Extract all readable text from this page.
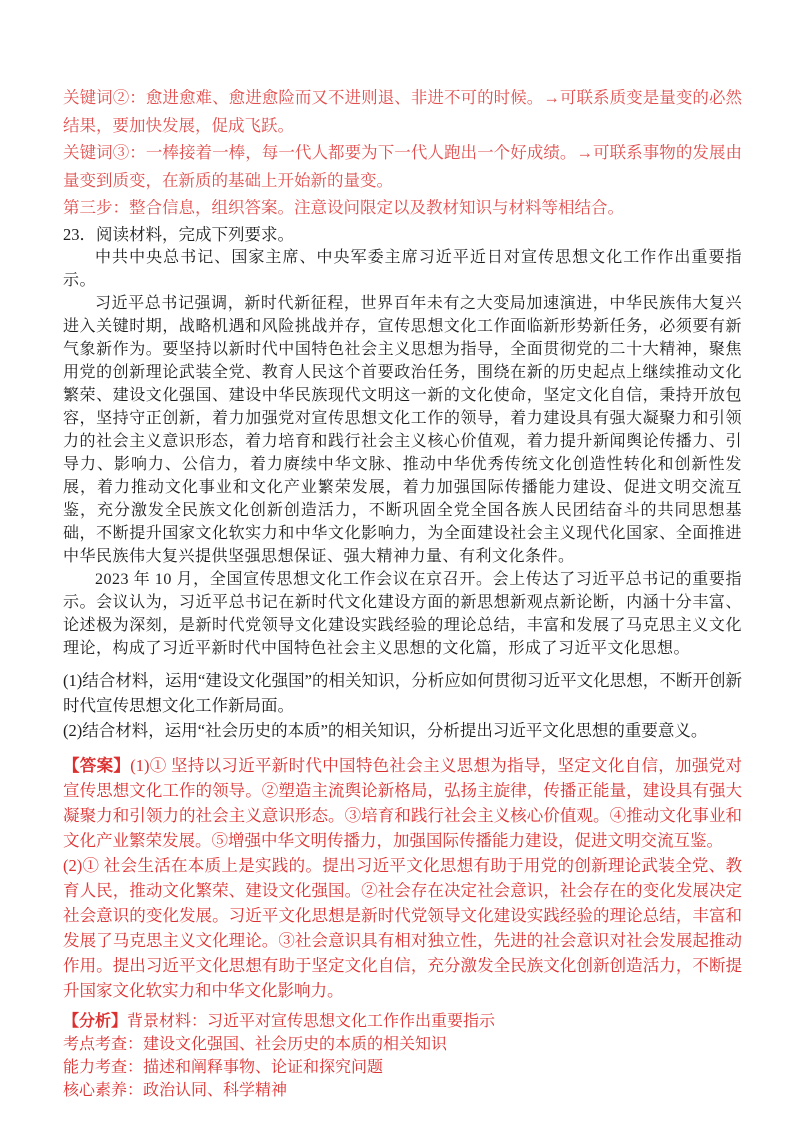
关键词②：愈进愈难、愈进愈险而又不进则退、非进不可的时候。→可联系质变是量变的必然结果，要加快发展，促成飞跃。

关键词③：一棒接着一棒，每一代人都要为下一代人跑出一个好成绩。→可联系事物的发展由量变到质变，在新质的基础上开始新的量变。

第三步：整合信息，组织答案。注意设问限定以及教材知识与材料等相结合。

23．阅读材料，完成下列要求。

中共中央总书记、国家主席、中央军委主席习近平近日对宣传思想文化工作作出重要指示。

习近平总书记强调，新时代新征程，世界百年未有之大变局加速演进，中华民族伟大复兴进入关键时期，战略机遇和风险挑战并存，宣传思想文化工作面临新形势新任务，必须要有新气象新作为。要坚持以新时代中国特色社会主义思想为指导，全面贯彻党的二十大精神，聚焦用党的创新理论武装全党、教育人民这个首要政治任务，围绕在新的历史起点上继续推动文化繁荣、建设文化强国、建设中华民族现代文明这一新的文化使命，坚定文化自信，秉持开放包容，坚持守正创新，着力加强党对宣传思想文化工作的领导，着力建设具有强大凝聚力和引领力的社会主义意识形态，着力培育和践行社会主义核心价值观，着力提升新闻舆论传播力、引导力、影响力、公信力，着力赓续中华文脉、推动中华优秀传统文化创造性转化和创新性发展，着力推动文化事业和文化产业繁荣发展，着力加强国际传播能力建设、促进文明交流互鉴，充分激发全民族文化创新创造活力，不断巩固全党全国各族人民团结奋斗的共同思想基础，不断提升国家文化软实力和中华文化影响力，为全面建设社会主义现代化国家、全面推进中华民族伟大复兴提供坚强思想保证、强大精神力量、有利文化条件。

2023 年 10 月，全国宣传思想文化工作会议在京召开。会上传达了习近平总书记的重要指示。会议认为，习近平总书记在新时代文化建设方面的新思想新观点新论断，内涵十分丰富、论述极为深刻，是新时代党领导文化建设实践经验的理论总结，丰富和发展了马克思主义文化理论，构成了习近平新时代中国特色社会主义思想的文化篇，形成了习近平文化思想。

(1)结合材料，运用“建设文化强国”的相关知识，分析应如何贯彻习近平文化思想，不断开创新时代宣传思想文化工作新局面。

(2)结合材料，运用“社会历史的本质”的相关知识，分析提出习近平文化思想的重要意义。

【答案】(1)① 坚持以习近平新时代中国特色社会主义思想为指导，坚定文化自信，加强党对宣传思想文化工作的领导。②塑造主流舆论新格局，弘扬主旋律，传播正能量，建设具有强大凝聚力和引领力的社会主义意识形态。③培育和践行社会主义核心价值观。④推动文化事业和文化产业繁荣发展。⑤增强中华文明传播力，加强国际传播能力建设，促进文明交流互鉴。

(2)① 社会生活在本质上是实践的。提出习近平文化思想有助于用党的创新理论武装全党、教育人民，推动文化繁荣、建设文化强国。②社会存在决定社会意识，社会存在的变化发展决定社会意识的变化发展。习近平文化思想是新时代党领导文化建设实践经验的理论总结，丰富和发展了马克思主义文化理论。③社会意识具有相对独立性，先进的社会意识对社会发展起推动作用。提出习近平文化思想有助于坚定文化自信，充分激发全民族文化创新创造活力，不断提升国家文化软实力和中华文化影响力。

【分析】背景材料：习近平对宣传思想文化工作作出重要指示

考点考查：建设文化强国、社会历史的本质的相关知识

能力考查：描述和阐释事物、论证和探究问题

核心素养：政治认同、科学精神
